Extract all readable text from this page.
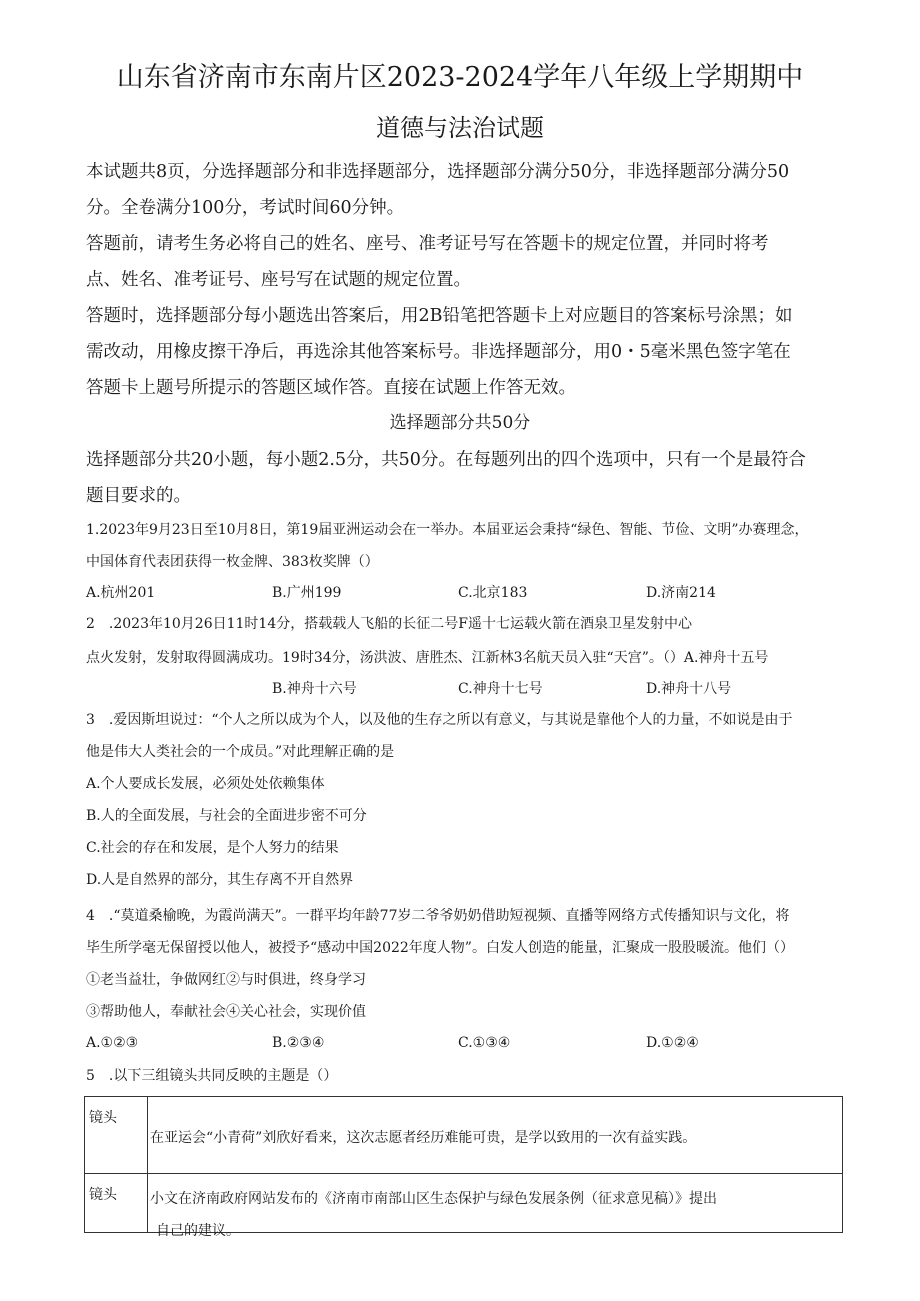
山东省济南市东南片区2023-2024学年八年级上学期期中
道德与法治试题
本试题共8页，分选择题部分和非选择题部分，选择题部分满分50分，非选择题部分满分50
分。全卷满分100分，考试时间60分钟。
答题前，请考生务必将自己的姓名、座号、准考证号写在答题卡的规定位置，并同时将考
点、姓名、准考证号、座号写在试题的规定位置。
答题时，选择题部分每小题选出答案后，用2B铅笔把答题卡上对应题目的答案标号涂黑；如
需改动，用橡皮擦干净后，再选涂其他答案标号。非选择题部分，用0・5毫米黑色签字笔在
答题卡上题号所提示的答题区域作答。直接在试题上作答无效。
选择题部分共50分
选择题部分共20小题，每小题2.5分，共50分。在每题列出的四个选项中，只有一个是最符合
题目要求的。
1.2023年9月23日至10月8日，第19届亚洲运动会在一举办。本届亚运会秉持“绿色、智能、节俭、文明”办赛理念，
中国体育代表团获得一枚金牌、383枚奖牌（）
A.杭州201	B.广州199	C.北京183	D.济南214
2　.2023年10月26日11时14分，搭载载人飞船的长征二号F遥十七运载火箭在酒泉卫星发射中心
点火发射，发射取得圆满成功。19时34分，汤洪波、唐胜杰、江新林3名航天员入驻“天宫”。（）A.神舟十五号
B.神舟十六号	C.神舟十七号	D.神舟十八号
3　.爱因斯坦说过：“个人之所以成为个人，以及他的生存之所以有意义，与其说是靠他个人的力量，不如说是由于
他是伟大人类社会的一个成员。”对此理解正确的是
A.个人要成长发展，必须处处依赖集体
B.人的全面发展，与社会的全面进步密不可分
C.社会的存在和发展，是个人努力的结果
D.人是自然界的部分，其生存离不开自然界
4　.“莫道桑榆晚，为霞尚满天”。一群平均年龄77岁二爷爷奶奶借助短视频、直播等网络方式传播知识与文化，将
毕生所学毫无保留授以他人，被授予“感动中国2022年度人物”。白发人创造的能量，汇聚成一股股暖流。他们（）
①老当益壮，争做网红②与时俱进，终身学习
③帮助他人，奉献社会④关心社会，实现价值
A.①②③	B.②③④	C.①③④	D.①②④
5　.以下三组镜头共同反映的主题是（）
镜头	在亚运会“小青荷”刘欣好看来，这次志愿者经历难能可贵，是学以致用的一次有益实践。

镜头	小文在济南政府网站发布的《济南市南部山区生态保护与绿色发展条例（征求意见稿）》提出
自己的建议。
